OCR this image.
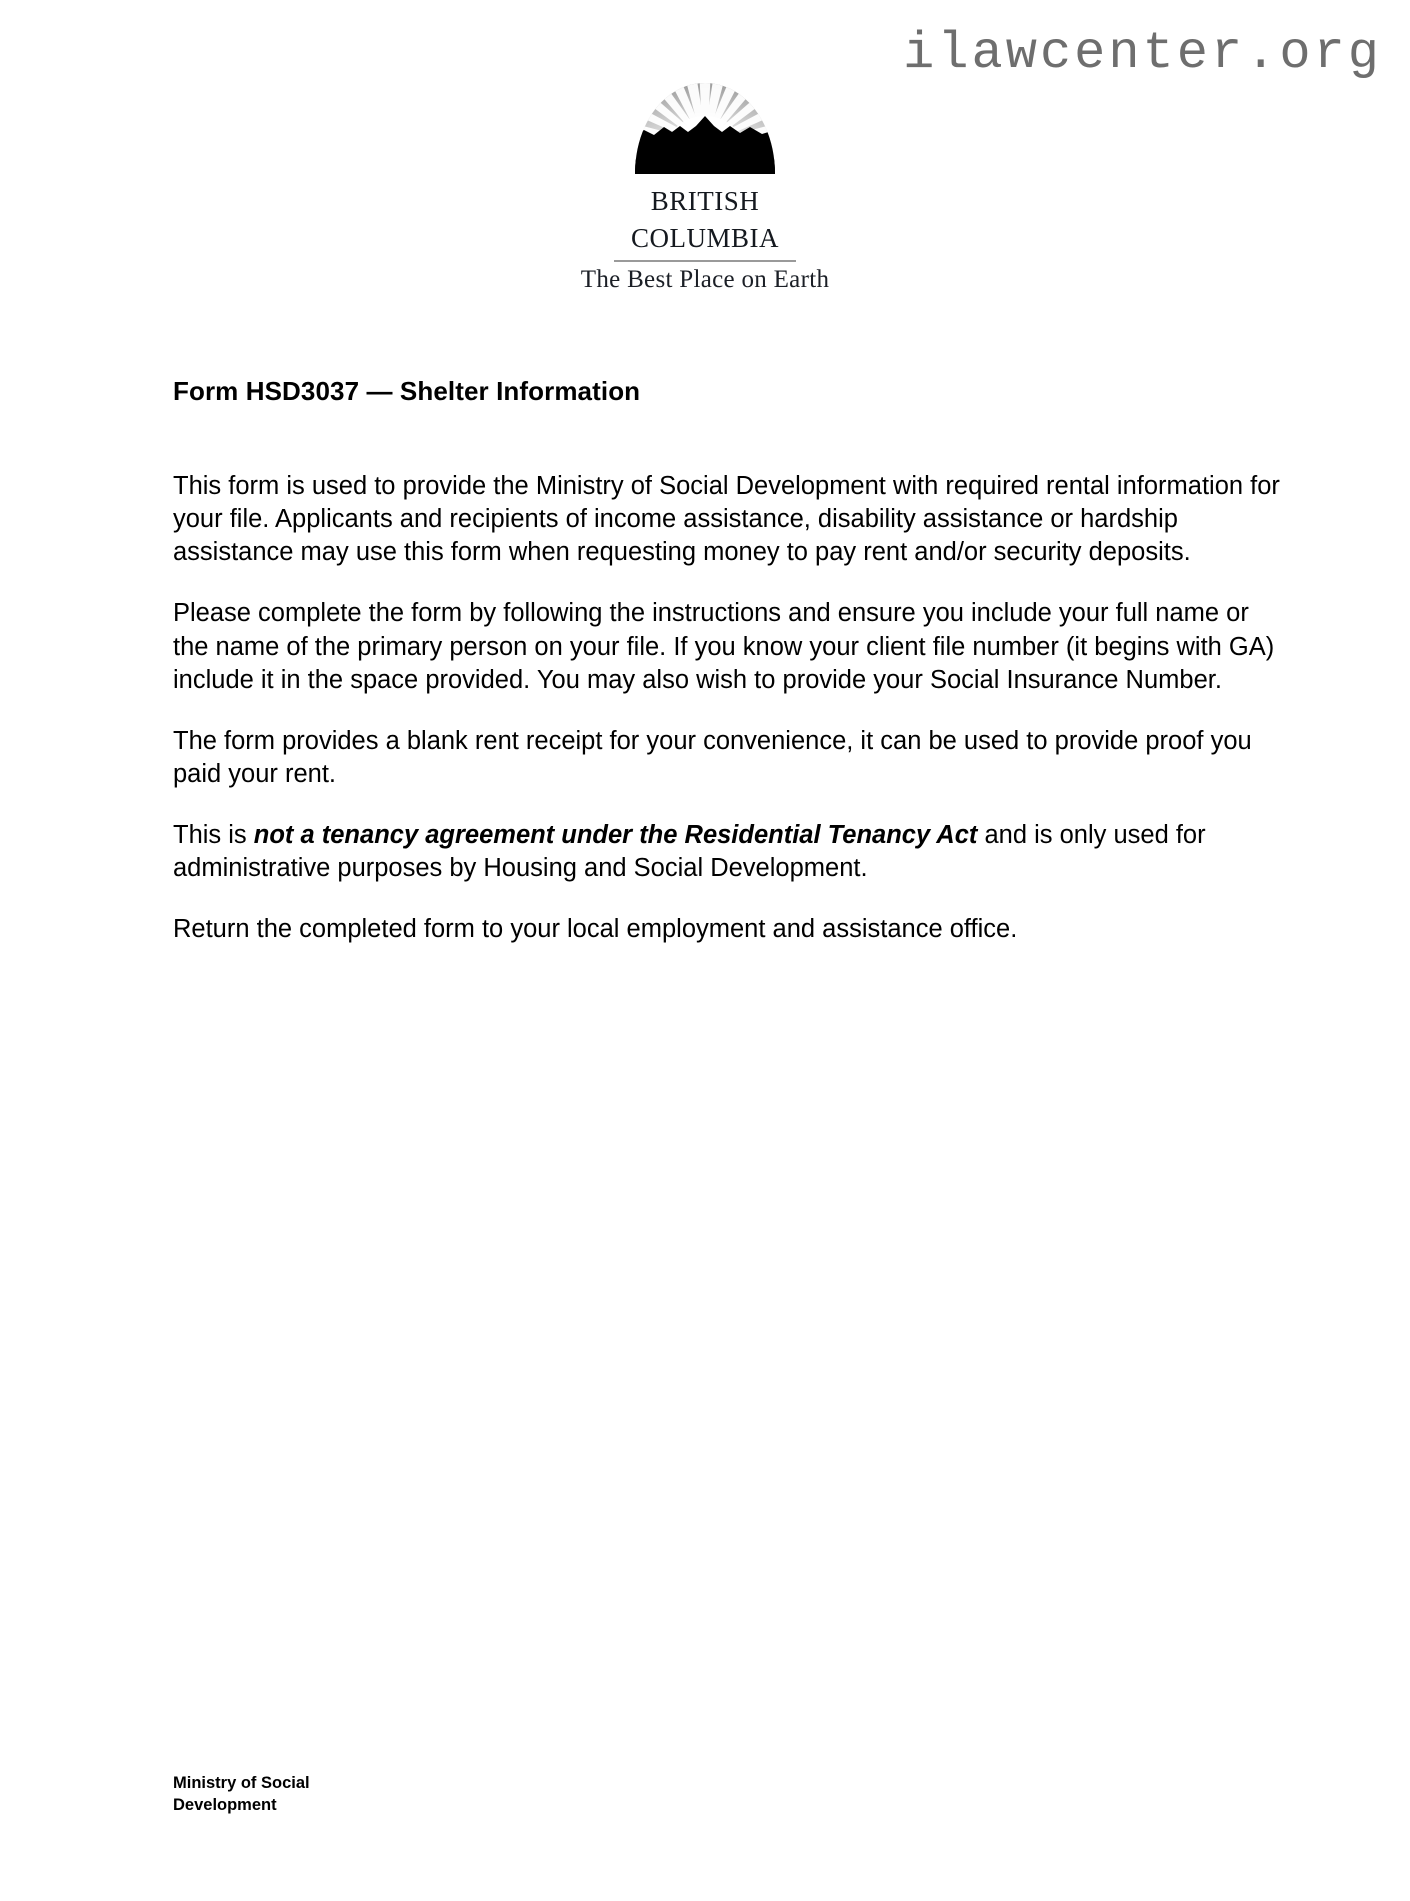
ilawcenter.org
british
columbia
The Best Place on Earth
Form HSD3037 — Shelter Information

This form is used to provide the Ministry of Social Development with required rental information for your file. Applicants and recipients of income assistance, disability assistance or hardship assistance may use this form when requesting money to pay rent and/or security deposits.

Please complete the form by following the instructions and ensure you include your full name or the name of the primary person on your file. If you know your client file number (it begins with GA) include it in the space provided. You may also wish to provide your Social Insurance Number.

The form provides a blank rent receipt for your convenience, it can be used to provide proof you paid your rent.

This is not a tenancy agreement under the Residential Tenancy Act and is only used for administrative purposes by Housing and Social Development.

Return the completed form to your local employment and assistance office.

Ministry of Social
Development
